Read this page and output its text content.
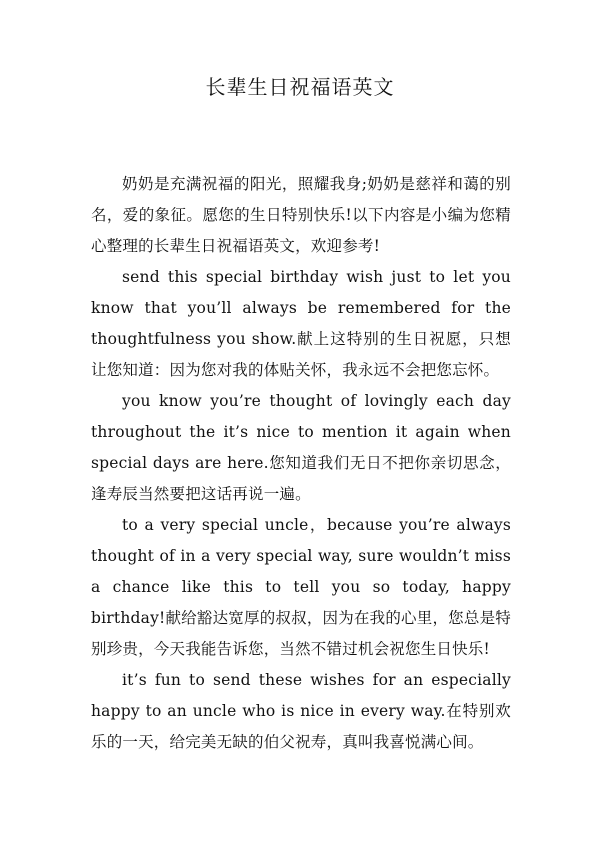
长辈生日祝福语英文

奶奶是充满祝福的阳光，照耀我身;奶奶是慈祥和蔼的别名，爱的象征。愿您的生日特别快乐!以下内容是小编为您精心整理的长辈生日祝福语英文，欢迎参考!

send this special birthday wish just to let you know that you’ll always be remembered for the thoughtfulness you show.献上这特别的生日祝愿，只想让您知道：因为您对我的体贴关怀，我永远不会把您忘怀。

you know you’re thought of lovingly each day throughout the it’s nice to mention it again when special days are here.您知道我们无日不把你亲切思念，逢寿辰当然要把这话再说一遍。

to a very special uncle，because you’re always thought of in a very special way, sure wouldn’t miss a chance like this to tell you so today, happy birthday!献给豁达宽厚的叔叔，因为在我的心里，您总是特别珍贵，今天我能告诉您，当然不错过机会祝您生日快乐!

it’s fun to send these wishes for an especially happy to an uncle who is nice in every way.在特别欢乐的一天，给完美无缺的伯父祝寿，真叫我喜悦满心间。
